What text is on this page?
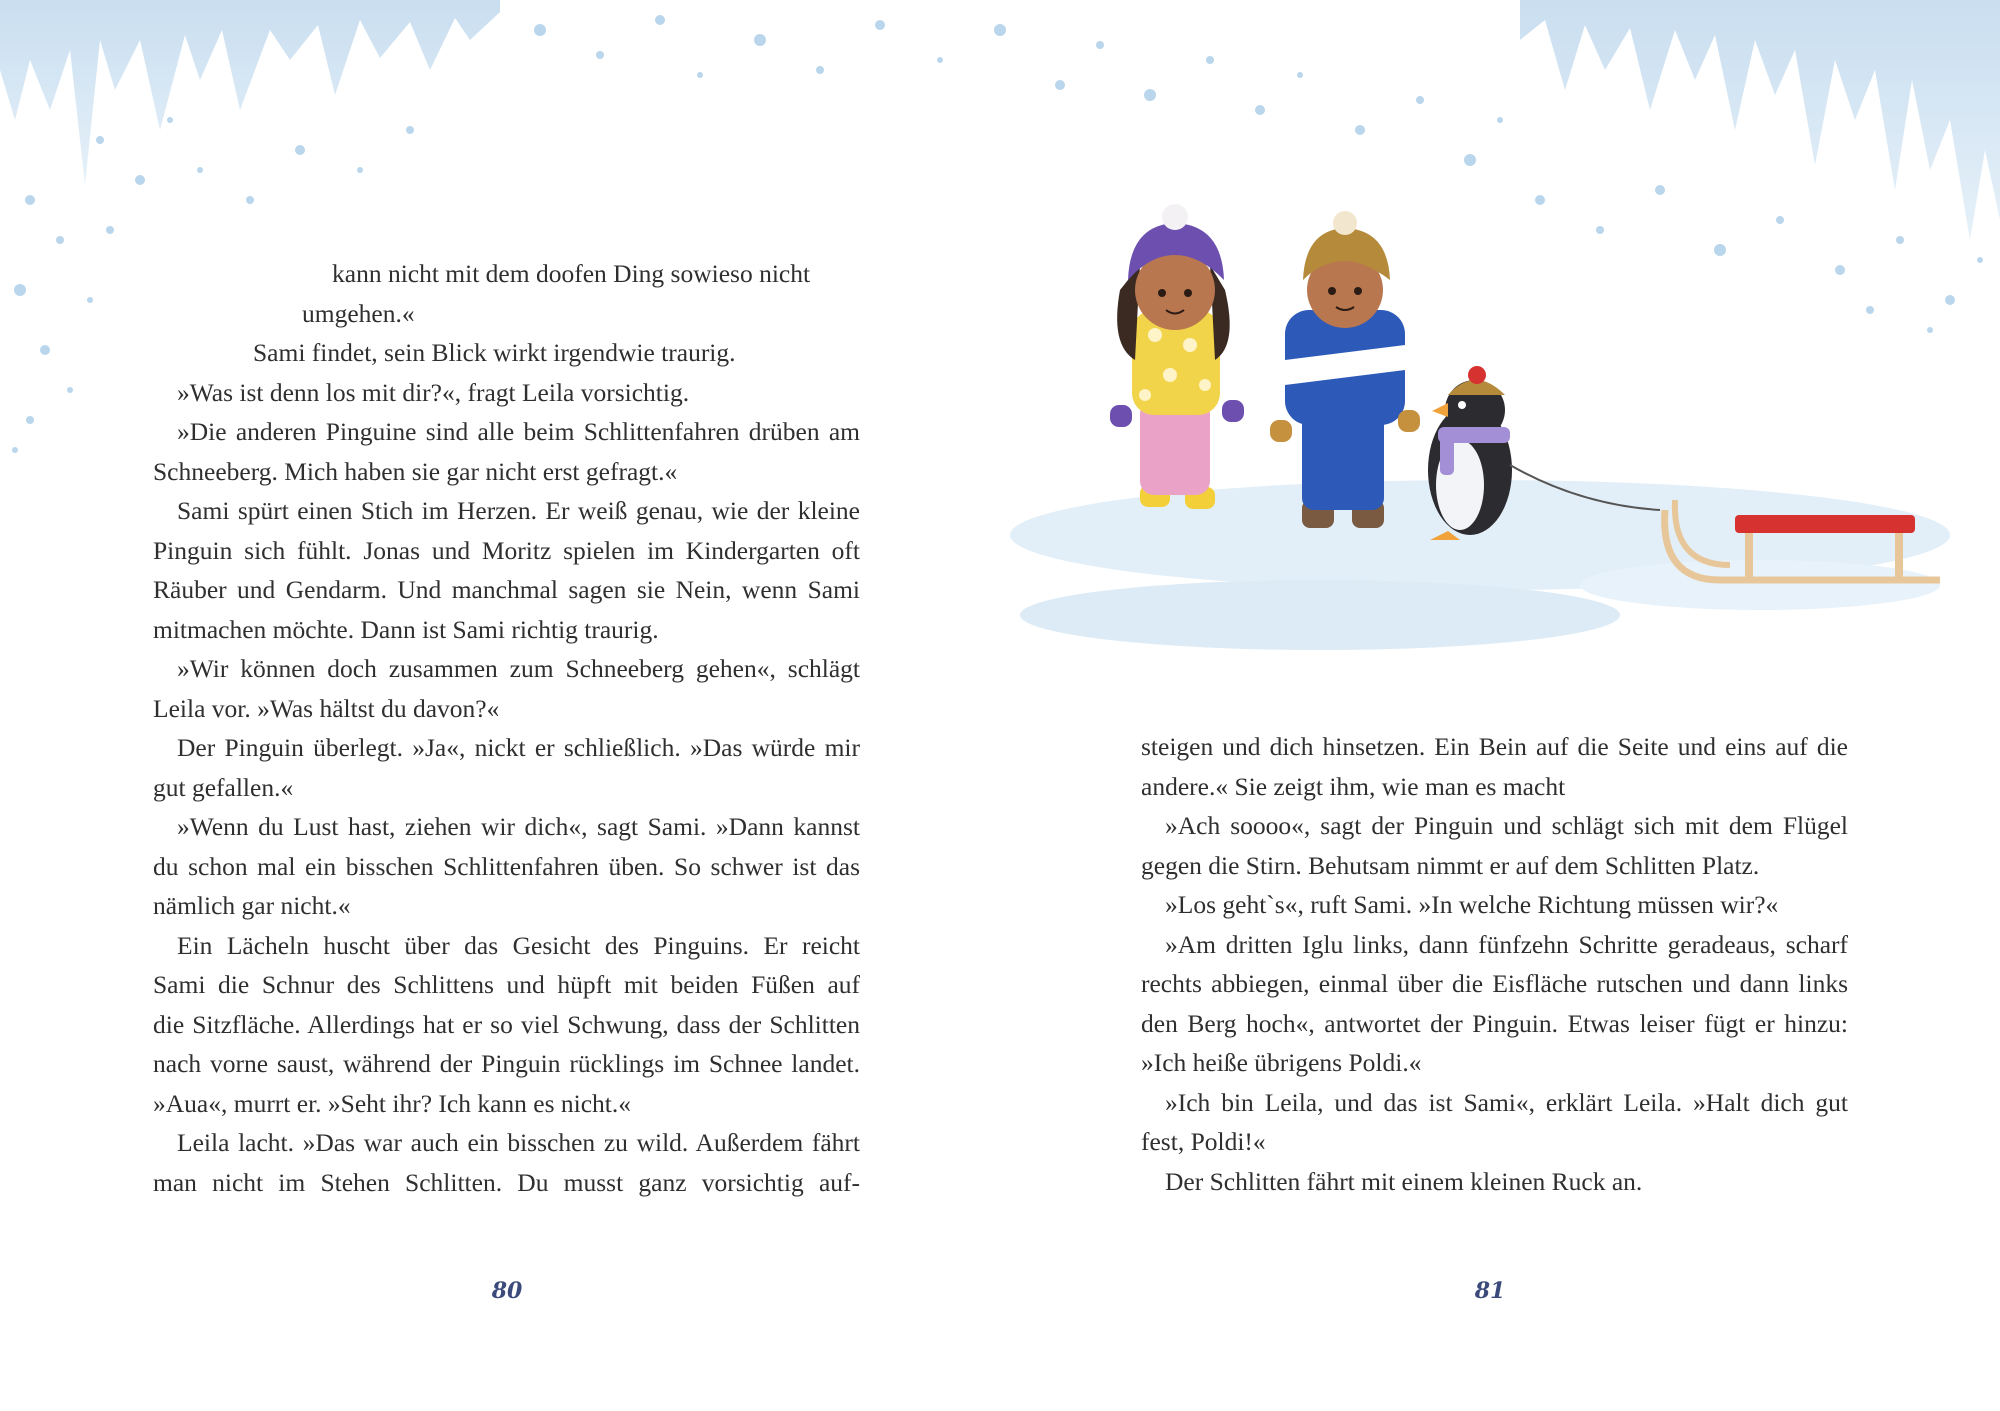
kann nicht mit dem doofen Ding sowieso nicht
umgehen.«
Sami findet, sein Blick wirkt irgendwie traurig.
»Was ist denn los mit dir?«, fragt Leila vorsichtig.
»Die anderen Pinguine sind alle beim Schlittenfahren drüben am
Schneeberg. Mich haben sie gar nicht erst gefragt.«
Sami spürt einen Stich im Herzen. Er weiß genau, wie der kleine
Pinguin sich fühlt. Jonas und Moritz spielen im Kindergarten oft
Räuber und Gendarm. Und manchmal sagen sie Nein, wenn Sami
mitmachen möchte. Dann ist Sami richtig traurig.
»Wir können doch zusammen zum Schneeberg gehen«, schlägt
Leila vor. »Was hältst du davon?«
Der Pinguin überlegt. »Ja«, nickt er schließlich. »Das würde mir
gut gefallen.«
»Wenn du Lust hast, ziehen wir dich«, sagt Sami. »Dann kannst
du schon mal ein bisschen Schlittenfahren üben. So schwer ist das
nämlich gar nicht.«
Ein Lächeln huscht über das Gesicht des Pinguins. Er reicht
Sami die Schnur des Schlittens und hüpft mit beiden Füßen auf
die Sitzfläche. Allerdings hat er so viel Schwung, dass der Schlitten
nach vorne saust, während der Pinguin rücklings im Schnee landet.
»Aua«, murrt er. »Seht ihr? Ich kann es nicht.«
Leila lacht. »Das war auch ein bisschen zu wild. Außerdem fährt
man nicht im Stehen Schlitten. Du musst ganz vorsichtig auf-
steigen und dich hinsetzen. Ein Bein auf die Seite und eins auf die
andere.« Sie zeigt ihm, wie man es macht
»Ach soooo«, sagt der Pinguin und schlägt sich mit dem Flügel
gegen die Stirn. Behutsam nimmt er auf dem Schlitten Platz.
»Los geht`s«, ruft Sami. »In welche Richtung müssen wir?«
»Am dritten Iglu links, dann fünfzehn Schritte geradeaus, scharf
rechts abbiegen, einmal über die Eisfläche rutschen und dann links
den Berg hoch«, antwortet der Pinguin. Etwas leiser fügt er hinzu:
»Ich heiße übrigens Poldi.«
»Ich bin Leila, und das ist Sami«, erklärt Leila. »Halt dich gut
fest, Poldi!«
Der Schlitten fährt mit einem kleinen Ruck an.
80	81
